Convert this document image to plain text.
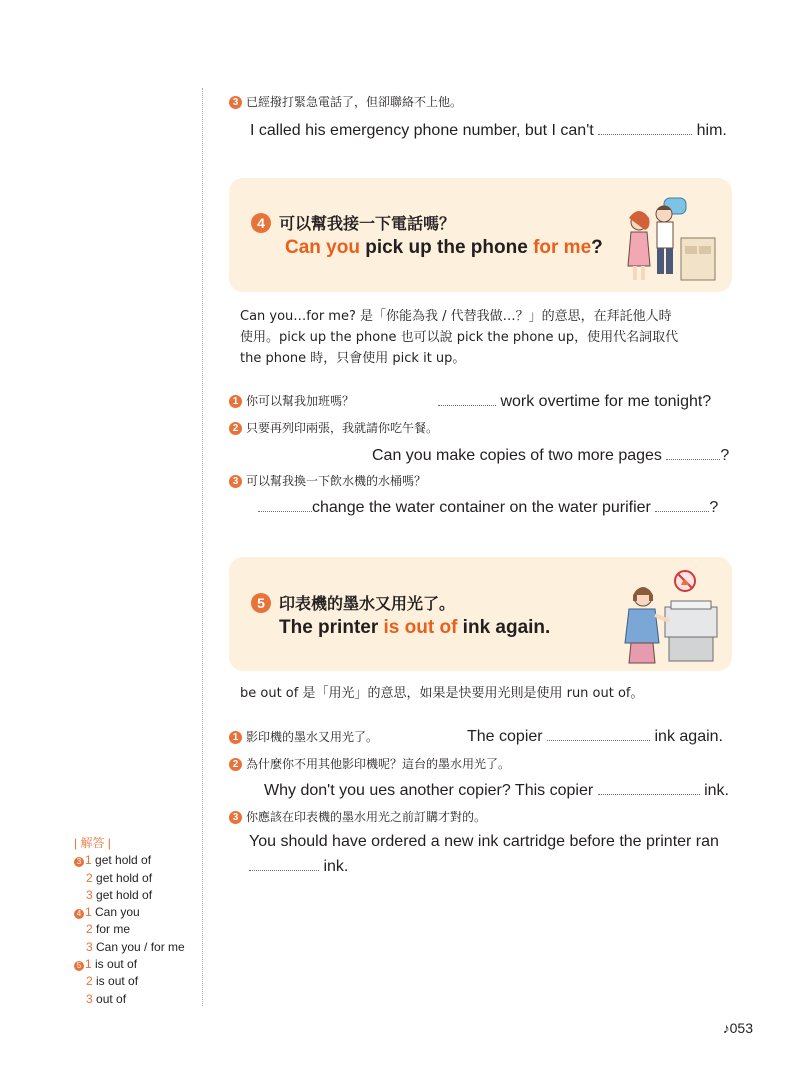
3 已經撥打緊急電話了，但卻聯絡不上他。
I called his emergency phone number, but I can't	him.
4 可以幫我接一下電話嗎？
Can you pick up the phone for me?
Can you…for me? 是「你能為我 / 代替我做…？」的意思，在拜託他人時
使用。pick up the phone 也可以說 pick the phone up，使用代名詞取代
the phone 時，只會使用 pick it up。
1 你可以幫我加班嗎？	work overtime for me tonight?
2 只要再列印兩張，我就請你吃午餐。
Can you make copies of two more pages	?
3 可以幫我換一下飲水機的水桶嗎？
change the water container on the water purifier	?
5 印表機的墨水又用光了。
The printer is out of ink again.
be out of 是「用光」的意思，如果是快要用光則是使用 run out of。
1 影印機的墨水又用光了。	The copier	ink again.
2 為什麼你不用其他影印機呢？這台的墨水用光了。
Why don't you ues another copier? This copier	ink.
3 你應該在印表機的墨水用光之前訂購才對的。
You should have ordered a new ink cartridge before the printer ran
ink.
| 解答 |
3 1 get hold of
2 get hold of
3 get hold of
4 1 Can you
2 for me
3 Can you / for me
5 1 is out of
2 is out of
3 out of
♪053
